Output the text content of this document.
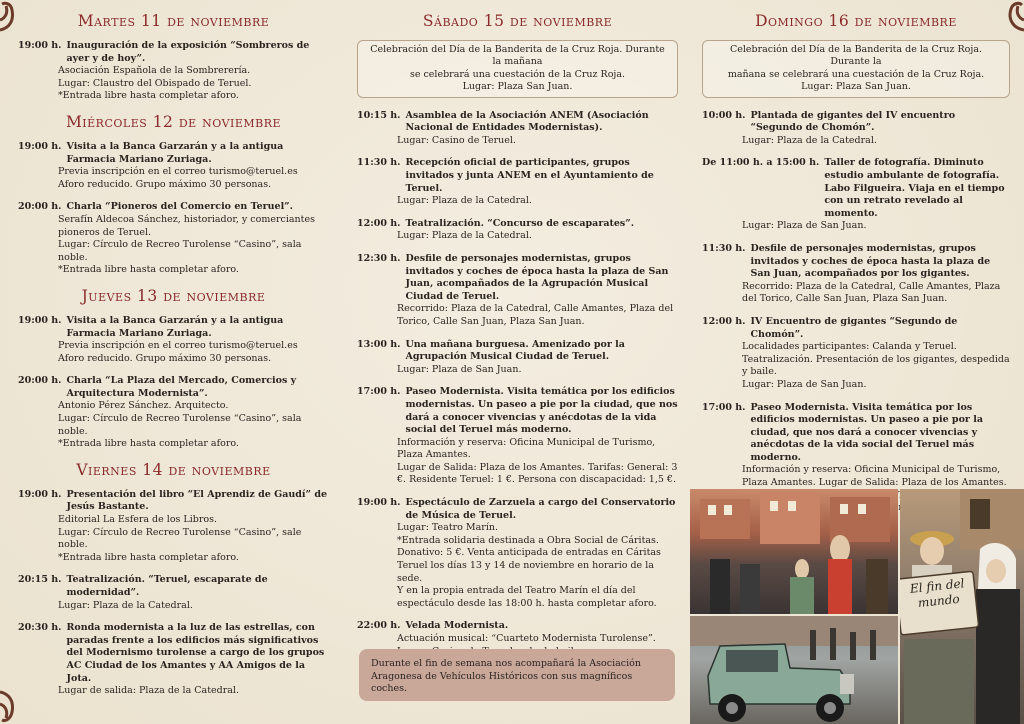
Martes 11 de noviembre
19:00 h. Inauguración de la exposición “Sombreros de ayer y de hoy”.
Asociación Española de la Sombrerería.
Lugar: Claustro del Obispado de Teruel.
*Entrada libre hasta completar aforo.
Miércoles 12 de noviembre
19:00 h. Visita a la Banca Garzarán y a la antigua Farmacia Mariano Zuriaga.
Previa inscripción en el correo turismo@teruel.es
Aforo reducido. Grupo máximo 30 personas.
20:00 h. Charla “Pioneros del Comercio en Teruel”.
Serafín Aldecoa Sánchez, historiador, y comerciantes pioneros de Teruel.
Lugar: Círculo de Recreo Turolense “Casino”, sala noble.
*Entrada libre hasta completar aforo.
Jueves 13 de noviembre
19:00 h. Visita a la Banca Garzarán y a la antigua Farmacia Mariano Zuriaga.
Previa inscripción en el correo turismo@teruel.es
Aforo reducido. Grupo máximo 30 personas.
20:00 h. Charla “La Plaza del Mercado, Comercios y Arquitectura Modernista”.
Antonio Pérez Sánchez. Arquitecto.
Lugar: Círculo de Recreo Turolense “Casino”, sala noble.
*Entrada libre hasta completar aforo.
Viernes 14 de noviembre
19:00 h. Presentación del libro “El Aprendiz de Gaudí” de Jesús Bastante.
Editorial La Esfera de los Libros.
Lugar: Círculo de Recreo Turolense “Casino”, sale noble.
*Entrada libre hasta completar aforo.
20:15 h. Teatralización. “Teruel, escaparate de modernidad”.
Lugar: Plaza de la Catedral.
20:30 h. Ronda modernista a la luz de las estrellas, con paradas frente a los edificios más significativos del Modernismo turolense a cargo de los grupos AC Ciudad de los Amantes y AA Amigos de la Jota.
Lugar de salida: Plaza de la Catedral.
Sábado 15 de noviembre
Celebración del Día de la Banderita de la Cruz Roja. Durante la mañana
se celebrará una cuestación de la Cruz Roja.
Lugar: Plaza San Juan.
10:15 h. Asamblea de la Asociación ANEM (Asociación Nacional de Entidades Modernistas).
Lugar: Casino de Teruel.
11:30 h. Recepción oficial de participantes, grupos invitados y junta ANEM en el Ayuntamiento de Teruel.
Lugar: Plaza de la Catedral.
12:00 h. Teatralización. “Concurso de escaparates”.
Lugar: Plaza de la Catedral.
12:30 h. Desfile de personajes modernistas, grupos invitados y coches de época hasta la plaza de San Juan, acompañados de la Agrupación Musical Ciudad de Teruel.
Recorrido: Plaza de la Catedral, Calle Amantes, Plaza del Torico, Calle San Juan, Plaza San Juan.
13:00 h. Una mañana burguesa. Amenizado por la Agrupación Musical Ciudad de Teruel.
Lugar: Plaza de San Juan.
17:00 h. Paseo Modernista. Visita temática por los edificios modernistas. Un paseo a pie por la ciudad, que nos dará a conocer vivencias y anécdotas de la vida social del Teruel más moderno.
Información y reserva: Oficina Municipal de Turismo, Plaza Amantes.
Lugar de Salida: Plaza de los Amantes. Tarifas: General: 3 €. Residente Teruel: 1 €. Persona con discapacidad: 1,5 €.
19:00 h. Espectáculo de Zarzuela a cargo del Conservatorio de Música de Teruel.
Lugar: Teatro Marín.
*Entrada solidaria destinada a Obra Social de Cáritas. Donativo: 5 €. Venta anticipada de entradas en Cáritas Teruel los días 13 y 14 de noviembre en horario de la sede.
Y en la propia entrada del Teatro Marín el día del espectáculo desde las 18:00 h. hasta completar aforo.
22:00 h. Velada Modernista.
Actuación musical: “Cuarteto Modernista Turolense”.
Durante el fin de semana nos acompañará la Asociación Aragonesa de Vehículos Históricos con sus magníficos coches.
Domingo 16 de noviembre
Celebración del Día de la Banderita de la Cruz Roja. Durante la
mañana se celebrará una cuestación de la Cruz Roja.
Lugar: Plaza San Juan.
10:00 h. Plantada de gigantes del IV encuentro “Segundo de Chomón”.
Lugar: Plaza de la Catedral.
De 11:00 h. a 15:00 h. Taller de fotografía. Diminuto estudio ambulante de fotografía. Labo Filgueira. Viaja en el tiempo con un retrato revelado al momento.
Lugar: Plaza de San Juan.
11:30 h. Desfile de personajes modernistas, grupos invitados y coches de época hasta la plaza de San Juan, acompañados por los gigantes.
Recorrido: Plaza de la Catedral, Calle Amantes, Plaza del Torico, Calle San Juan, Plaza San Juan.
12:00 h. IV Encuentro de gigantes “Segundo de Chomón”.
Localidades participantes: Calanda y Teruel.
Teatralización. Presentación de los gigantes, despedida y baile.
Lugar: Plaza de San Juan.
17:00 h. Paseo Modernista. Visita temática por los edificios modernistas. Un paseo a pie por la ciudad, que nos dará a conocer vivencias y anécdotas de la vida social del Teruel más moderno.
Información y reserva: Oficina Municipal de Turismo, Plaza Amantes. Lugar de Salida: Plaza de los Amantes.
El fin del mundo
